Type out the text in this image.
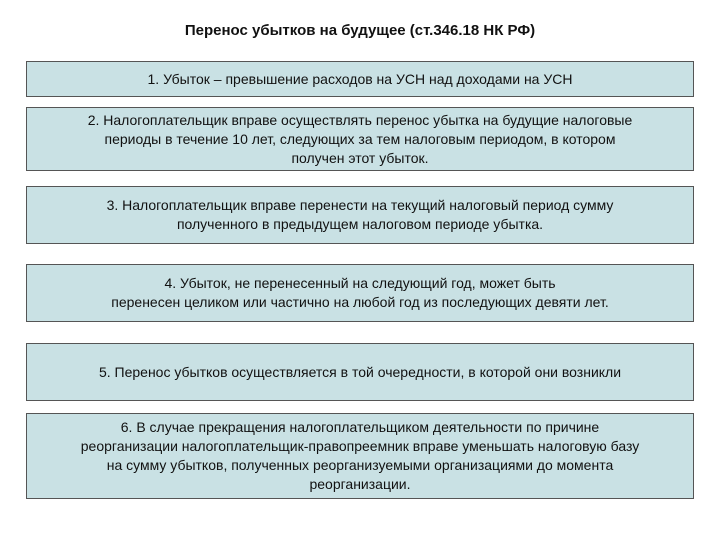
Перенос убытков на будущее (ст.346.18 НК РФ)
1. Убыток – превышение расходов на УСН над доходами на УСН
2. Налогоплательщик вправе осуществлять перенос убытка на будущие налоговые
периоды в течение 10 лет, следующих за тем налоговым периодом, в котором
получен этот убыток.
3. Налогоплательщик вправе перенести на текущий налоговый период сумму
полученного в предыдущем налоговом периоде убытка.
4. Убыток, не перенесенный на следующий год, может быть
перенесен целиком или частично на любой год из последующих девяти лет.
5. Перенос убытков осуществляется в той очередности, в которой они возникли
6. В случае прекращения налогоплательщиком деятельности по причине
реорганизации налогоплательщик-правопреемник вправе уменьшать налоговую базу
на сумму убытков, полученных реорганизуемыми организациями до момента
реорганизации.
